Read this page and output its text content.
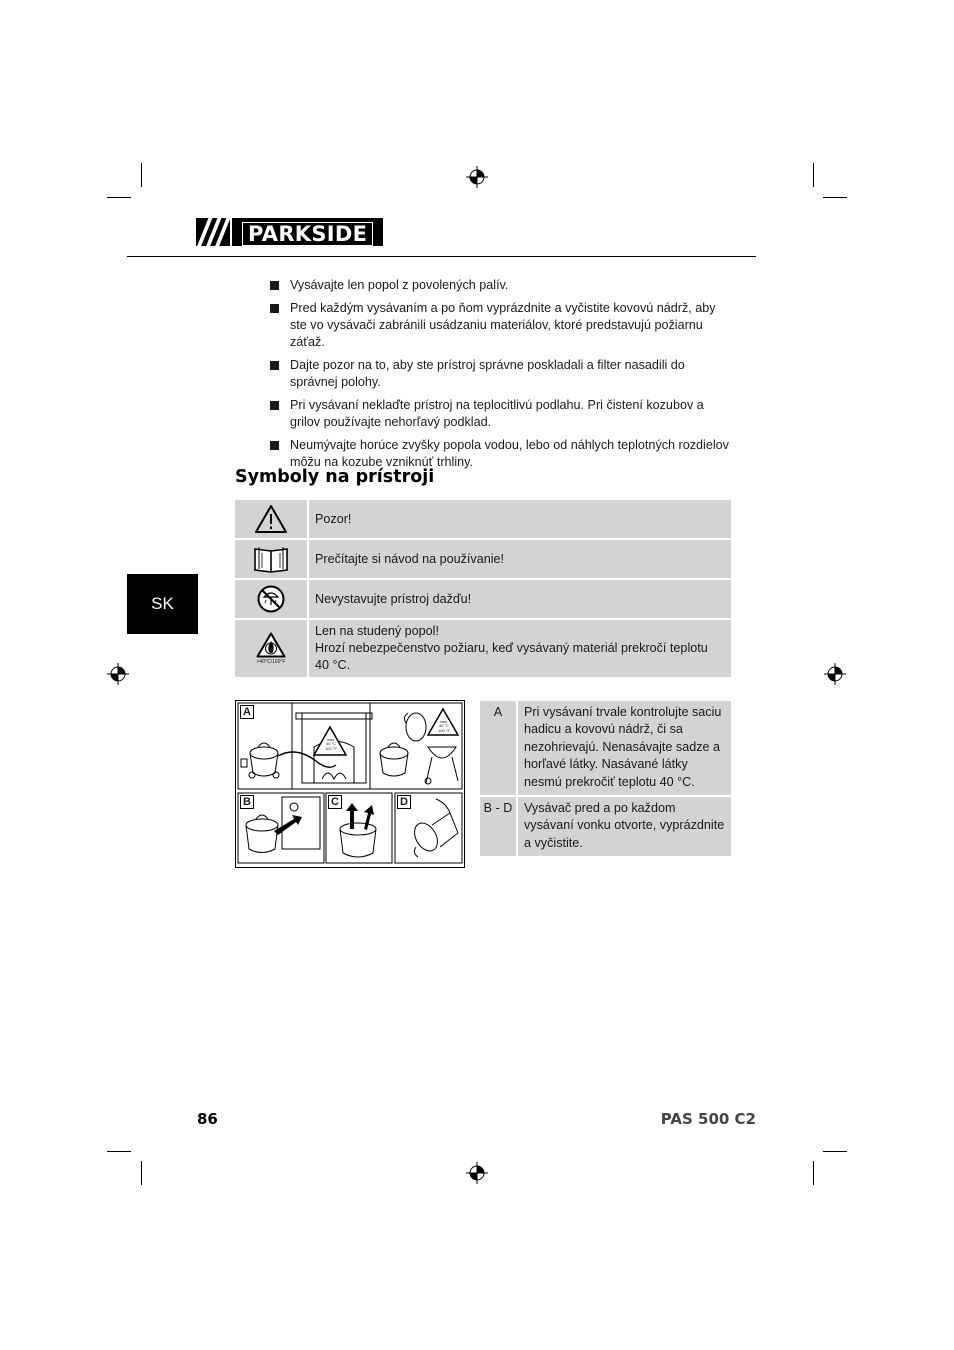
PARKSIDE
SK
Vysávajte len popol z povolených palív.
Pred každým vysávaním a po ňom vyprázdnite a vyčistite kovovú nádrž, aby ste vo vysávači zabránili usádzaniu materiálov, ktoré predstavujú požiarnu záťaž.
Dajte pozor na to, aby ste prístroj správne poskladali a filter nasadili do správnej polohy.
Pri vysávaní neklaďte prístroj na teplocitlivú podlahu. Pri čistení kozubov a grilov používajte nehorľavý podklad.
Neumývajte horúce zvyšky popola vodou, lebo od náhlych teplotných rozdielov môžu na kozube vzniknúť trhliny.
Symboly na prístroji
Pozor!
Prečítajte si návod na používanie!
Nevystavujte prístroj dažďu!
>40°C/100°F
Len na studený popol!
Hrozí nebezpečenstvo požiaru, keď vysávaný materiál prekročí teplotu 40 °C.
A
B	C	D
max.
40 °C
100 °F
max.
40 °C
100 °F
A	Pri vysávaní trvale kontrolujte saciu hadicu a kovovú nádrž, či sa nezohrievajú. Nenasávajte sadze a horľavé látky. Nasávané látky nesmú prekročiť teplotu 40 °C.
B - D Vysávač pred a po každom vysávaní vonku otvorte, vyprázdnite a vyčistite.
86	PAS 500 C2
